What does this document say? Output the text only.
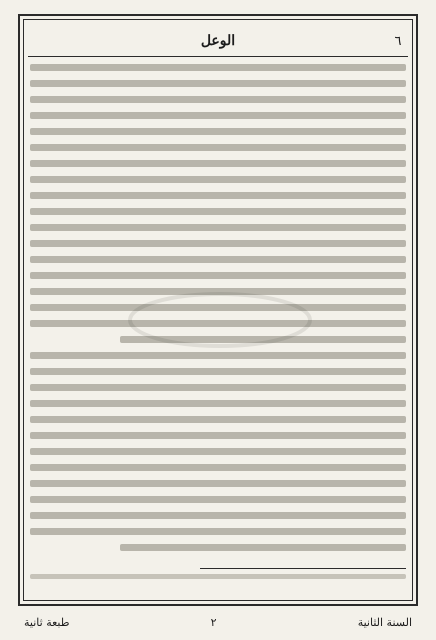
٦
الوعل
السنة الثانية
٢
طبعة ثانية
